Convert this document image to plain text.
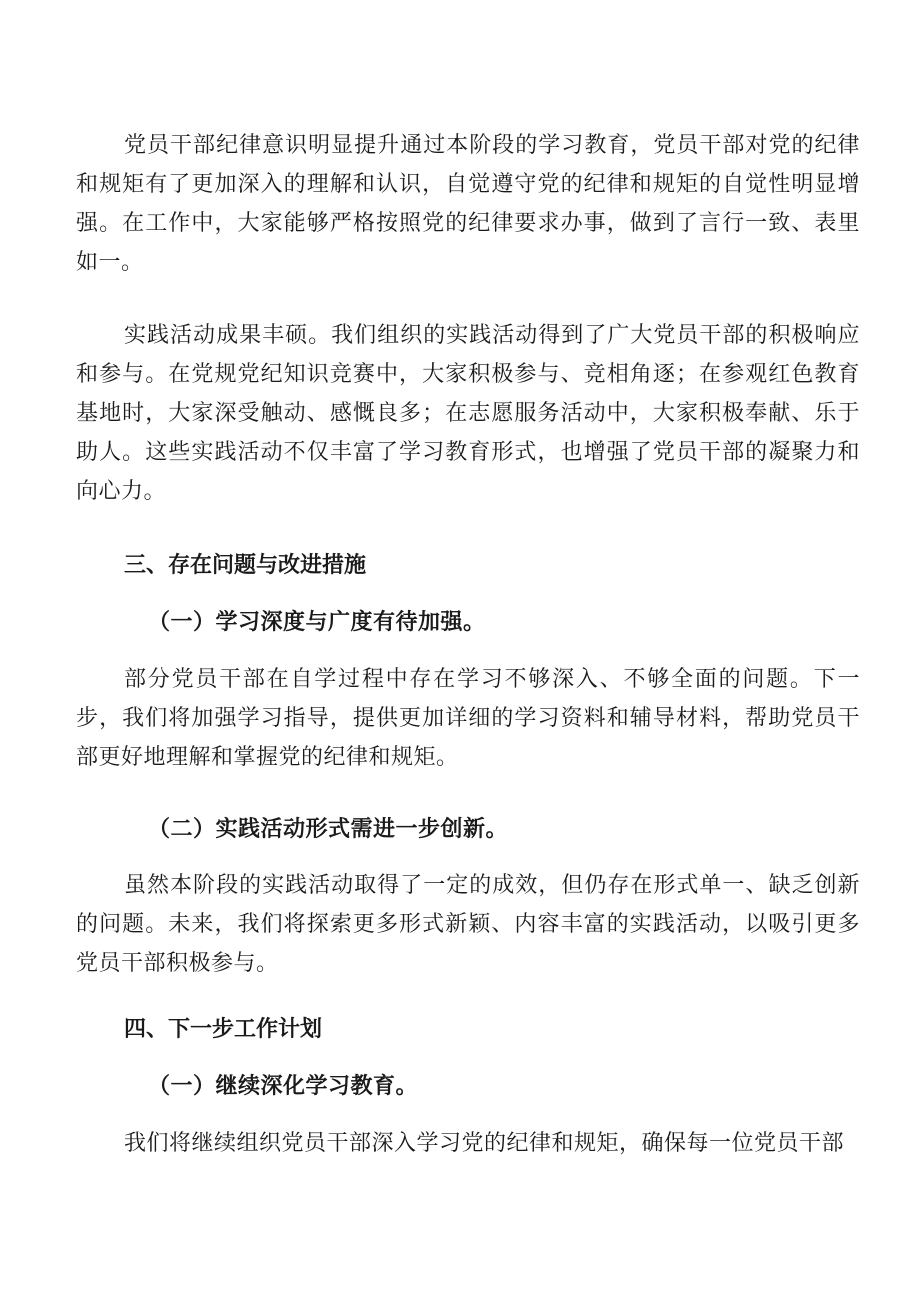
党员干部纪律意识明显提升通过本阶段的学习教育，党员干部对党的纪律和规矩有了更加深入的理解和认识，自觉遵守党的纪律和规矩的自觉性明显增强。在工作中，大家能够严格按照党的纪律要求办事，做到了言行一致、表里如一。

实践活动成果丰硕。我们组织的实践活动得到了广大党员干部的积极响应和参与。在党规党纪知识竞赛中，大家积极参与、竞相角逐；在参观红色教育基地时，大家深受触动、感慨良多；在志愿服务活动中，大家积极奉献、乐于助人。这些实践活动不仅丰富了学习教育形式，也增强了党员干部的凝聚力和向心力。

三、存在问题与改进措施
（一）学习深度与广度有待加强。

部分党员干部在自学过程中存在学习不够深入、不够全面的问题。下一步，我们将加强学习指导，提供更加详细的学习资料和辅导材料，帮助党员干部更好地理解和掌握党的纪律和规矩。

（二）实践活动形式需进一步创新。

虽然本阶段的实践活动取得了一定的成效，但仍存在形式单一、缺乏创新的问题。未来，我们将探索更多形式新颖、内容丰富的实践活动，以吸引更多党员干部积极参与。

四、下一步工作计划
（一）继续深化学习教育。

我们将继续组织党员干部深入学习党的纪律和规矩，确保每一位党员干部
